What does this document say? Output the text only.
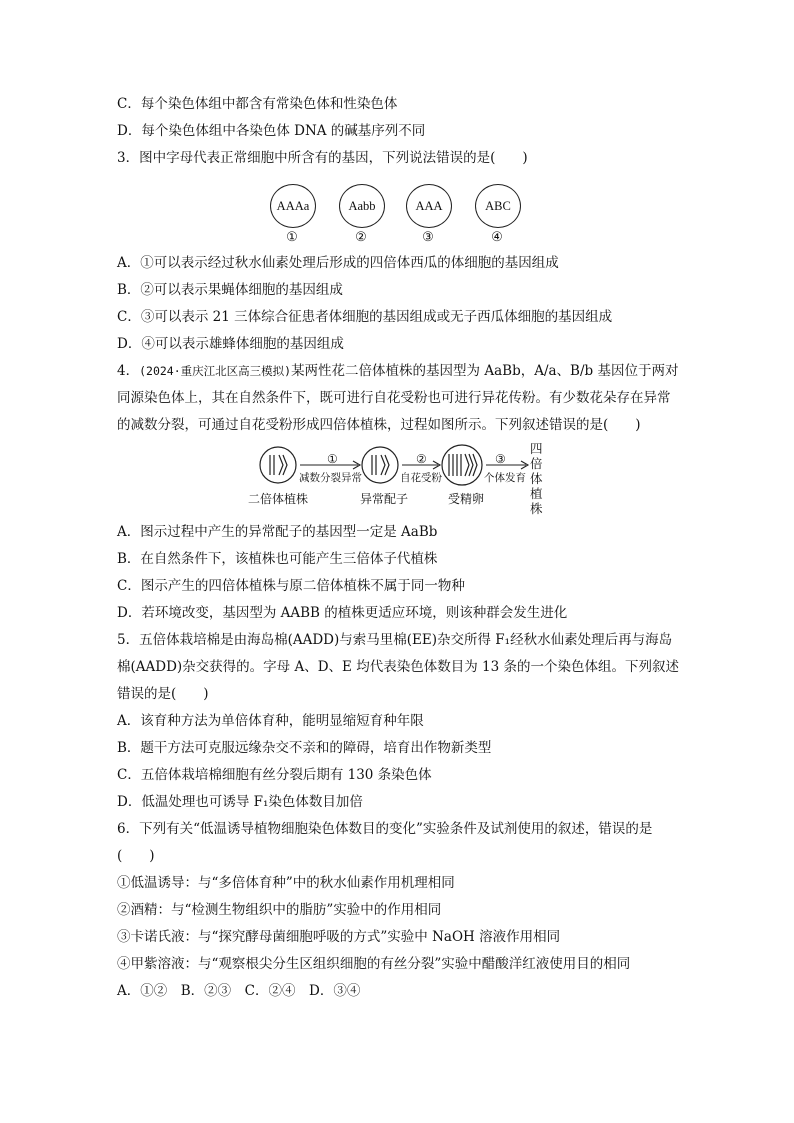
C．每个染色体组中都含有常染色体和性染色体
D．每个染色体组中各染色体 DNA 的碱基序列不同
3．图中字母代表正常细胞中所含有的基因，下列说法错误的是(　　)
AAAa	Aabb	AAA	ABC
①	②	③	④
A．①可以表示经过秋水仙素处理后形成的四倍体西瓜的体细胞的基因组成
B．②可以表示果蝇体细胞的基因组成
C．③可以表示 21 三体综合征患者体细胞的基因组成或无子西瓜体细胞的基因组成
D．④可以表示雄蜂体细胞的基因组成
4．(2024·重庆江北区高三模拟)某两性花二倍体植株的基因型为 AaBb，A/a、B/b 基因位于两对同源染色体上，其在自然条件下，既可进行自花受粉也可进行异花传粉。有少数花朵存在异常的减数分裂，可通过自花受粉形成四倍体植株，过程如图所示。下列叙述错误的是(　　)
①
减数分裂异常
②
自花受粉
③
个体发育
二倍体植株	异常配子	受精卵
四倍体植株
A．图示过程中产生的异常配子的基因型一定是 AaBb
B．在自然条件下，该植株也可能产生三倍体子代植株
C．图示产生的四倍体植株与原二倍体植株不属于同一物种
D．若环境改变，基因型为 AABB 的植株更适应环境，则该种群会发生进化
5．五倍体栽培棉是由海岛棉(AADD)与索马里棉(EE)杂交所得 F₁经秋水仙素处理后再与海岛棉(AADD)杂交获得的。字母 A、D、E 均代表染色体数目为 13 条的一个染色体组。下列叙述错误的是(　　)
A．该育种方法为单倍体育种，能明显缩短育种年限
B．题干方法可克服远缘杂交不亲和的障碍，培育出作物新类型
C．五倍体栽培棉细胞有丝分裂后期有 130 条染色体
D．低温处理也可诱导 F₁染色体数目加倍
6．下列有关“低温诱导植物细胞染色体数目的变化”实验条件及试剂使用的叙述，错误的是(　　)
①低温诱导：与“多倍体育种”中的秋水仙素作用机理相同
②酒精：与“检测生物组织中的脂肪”实验中的作用相同
③卡诺氏液：与“探究酵母菌细胞呼吸的方式”实验中 NaOH 溶液作用相同
④甲紫溶液：与“观察根尖分生区组织细胞的有丝分裂”实验中醋酸洋红液使用目的相同
A．①②　B．②③　C．②④　D．③④
